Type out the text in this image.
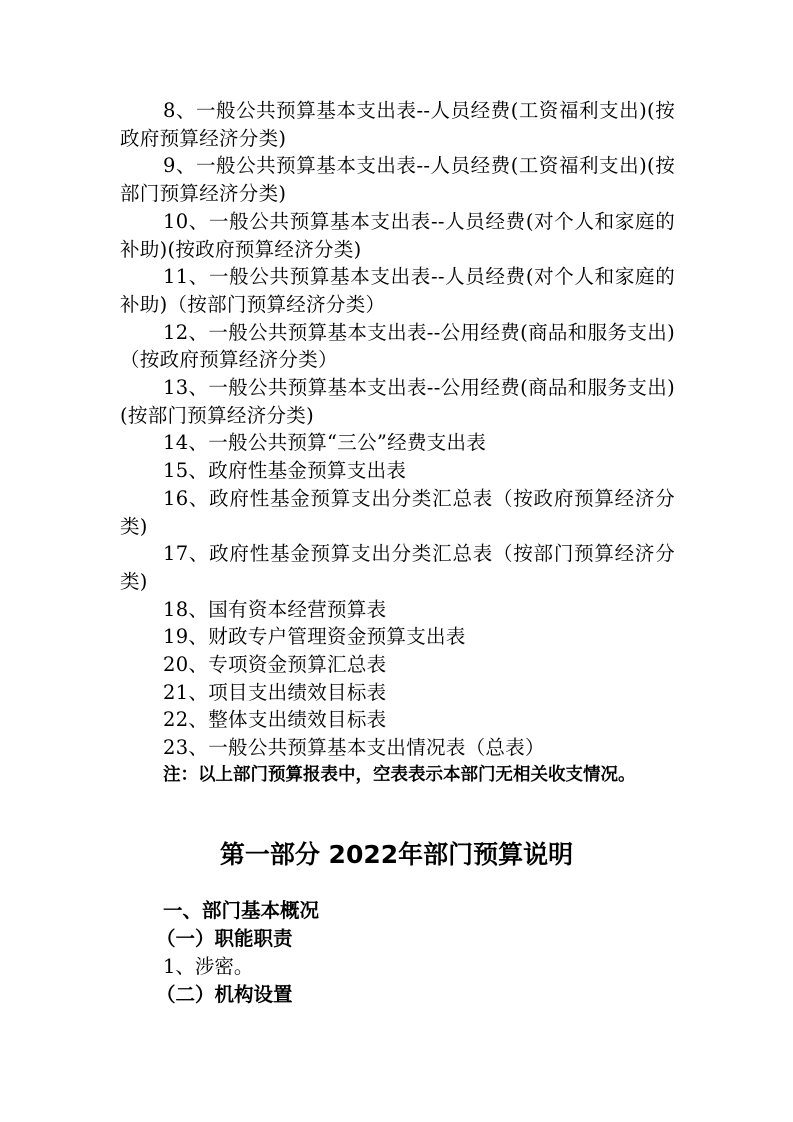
8、一般公共预算基本支出表--人员经费(工资福利支出)(按政府预算经济分类)

9、一般公共预算基本支出表--人员经费(工资福利支出)(按部门预算经济分类)

10、一般公共预算基本支出表--人员经费(对个人和家庭的补助)(按政府预算经济分类)

11、一般公共预算基本支出表--人员经费(对个人和家庭的补助)（按部门预算经济分类）

12、一般公共预算基本支出表--公用经费(商品和服务支出)（按政府预算经济分类）

13、一般公共预算基本支出表--公用经费(商品和服务支出)(按部门预算经济分类)

14、一般公共预算“三公”经费支出表

15、政府性基金预算支出表

16、政府性基金预算支出分类汇总表（按政府预算经济分类)

17、政府性基金预算支出分类汇总表（按部门预算经济分类)

18、国有资本经营预算表

19、财政专户管理资金预算支出表

20、专项资金预算汇总表

21、项目支出绩效目标表

22、整体支出绩效目标表

23、一般公共预算基本支出情况表（总表）

注：以上部门预算报表中，空表表示本部门无相关收支情况。

第一部分 2022年部门预算说明

一、部门基本概况

（一）职能职责

1、涉密。

（二）机构设置
